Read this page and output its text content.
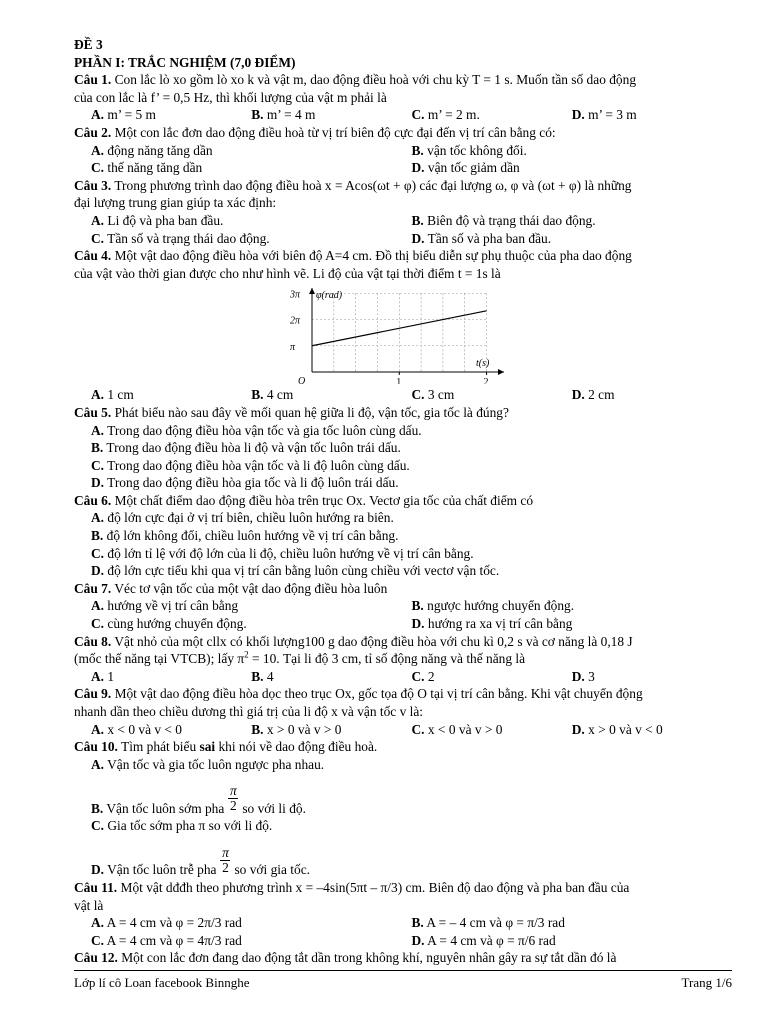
ĐỀ 3
PHẦN I: TRẮC NGHIỆM (7,0 ĐIỂM)
Câu 1. Con lắc lò xo gồm lò xo k và vật m, dao động điều hoà với chu kỳ T = 1 s. Muốn tần số dao động
của con lắc là f’ = 0,5 Hz, thì khối lượng của vật m phải là
A. m’ = 5 m	B. m’ = 4 m	C. m’ = 2 m.	D. m’ = 3 m
Câu 2. Một con lắc đơn dao động điều hoà từ vị trí biên độ cực đại đến vị trí cân bằng có:
A. động năng tăng dần	B. vận tốc không đổi.
C. thế năng tăng dần	D. vận tốc giảm dần
Câu 3. Trong phương trình dao động điều hoà x = Acos(ωt + φ) các đại lượng ω, φ và (ωt + φ) là những
đại lượng trung gian giúp ta xác định:
A. Li độ và pha ban đầu.	B. Biên độ và trạng thái dao động.
C. Tần số và trạng thái dao động.	D. Tần số và pha ban đầu.
Câu 4. Một vật dao động điều hòa với biên độ A=4 cm. Đồ thị biểu diễn sự phụ thuộc của pha dao động
của vật vào thời gian được cho như hình vẽ. Li độ của vật tại thời điểm t = 1s là
φ(rad)
t(s)
O
π
2π
3π
1	2
A. 1 cm	B. 4 cm	C. 3 cm	D. 2 cm
Câu 5. Phát biểu nào sau đây về mối quan hệ giữa li độ, vận tốc, gia tốc là đúng?
A. Trong dao động điều hòa vận tốc và gia tốc luôn cùng dấu.
B. Trong dao động điều hòa li độ và vận tốc luôn trái dấu.
C. Trong dao động điều hòa vận tốc và li độ luôn cùng dấu.
D. Trong dao động điều hòa gia tốc và li độ luôn trái dấu.
Câu 6. Một chất điểm dao động điều hòa trên trục Ox. Vectơ gia tốc của chất điểm có
A. độ lớn cực đại ở vị trí biên, chiều luôn hướng ra biên.
B. độ lớn không đổi, chiều luôn hướng về vị trí cân bằng.
C. độ lớn tỉ lệ với độ lớn của li độ, chiều luôn hướng về vị trí cân bằng.
D. độ lớn cực tiểu khi qua vị trí cân bằng luôn cùng chiều với vectơ vận tốc.
Câu 7. Véc tơ vận tốc của một vật dao động điều hòa luôn
A. hướng về vị trí cân bằng	B. ngược hướng chuyển động.
C. cùng hướng chuyển động.	D. hướng ra xa vị trí cân bằng
Câu 8. Vật nhỏ của một cllx có khối lượng100 g dao động điều hòa với chu kì 0,2 s và cơ năng là 0,18 J
(mốc thế năng tại VTCB); lấy $\pi^2 = 10$. Tại li độ 3 cm, tỉ số động năng và thế năng là
A. 1	B. 4	C. 2	D. 3
Câu 9. Một vật dao động điều hòa dọc theo trục Ox, gốc tọa độ O tại vị trí cân bằng. Khi vật chuyển động
nhanh dần theo chiều dương thì giá trị của li độ x và vận tốc v là:
A. x < 0 và v < 0	B. x > 0 và v > 0	C. x < 0 và v > 0	D. x > 0 và v < 0
Câu 10. Tìm phát biểu sai khi nói về dao động điều hoà.
A. Vận tốc và gia tốc luôn ngược pha nhau.
B. Vận tốc luôn sớm pha $\frac{\pi}{2}$ so với li độ.
C. Gia tốc sớm pha π so với li độ.
D. Vận tốc luôn trễ pha $\frac{\pi}{2}$ so với gia tốc.
Câu 11. Một vật dđđh theo phương trình x = –4sin(5πt – π/3) cm. Biên độ dao động và pha ban đầu của
vật là
A. A = 4 cm và φ = 2π/3 rad	B. A = – 4 cm và φ = π/3 rad
C. A = 4 cm và φ = 4π/3 rad	D. A = 4 cm và φ = π/6 rad
Câu 12. Một con lắc đơn đang dao động tắt dần trong không khí, nguyên nhân gây ra sự tắt dần đó là
Lớp lí cô Loan facebook Binnghe	Trang 1/6
